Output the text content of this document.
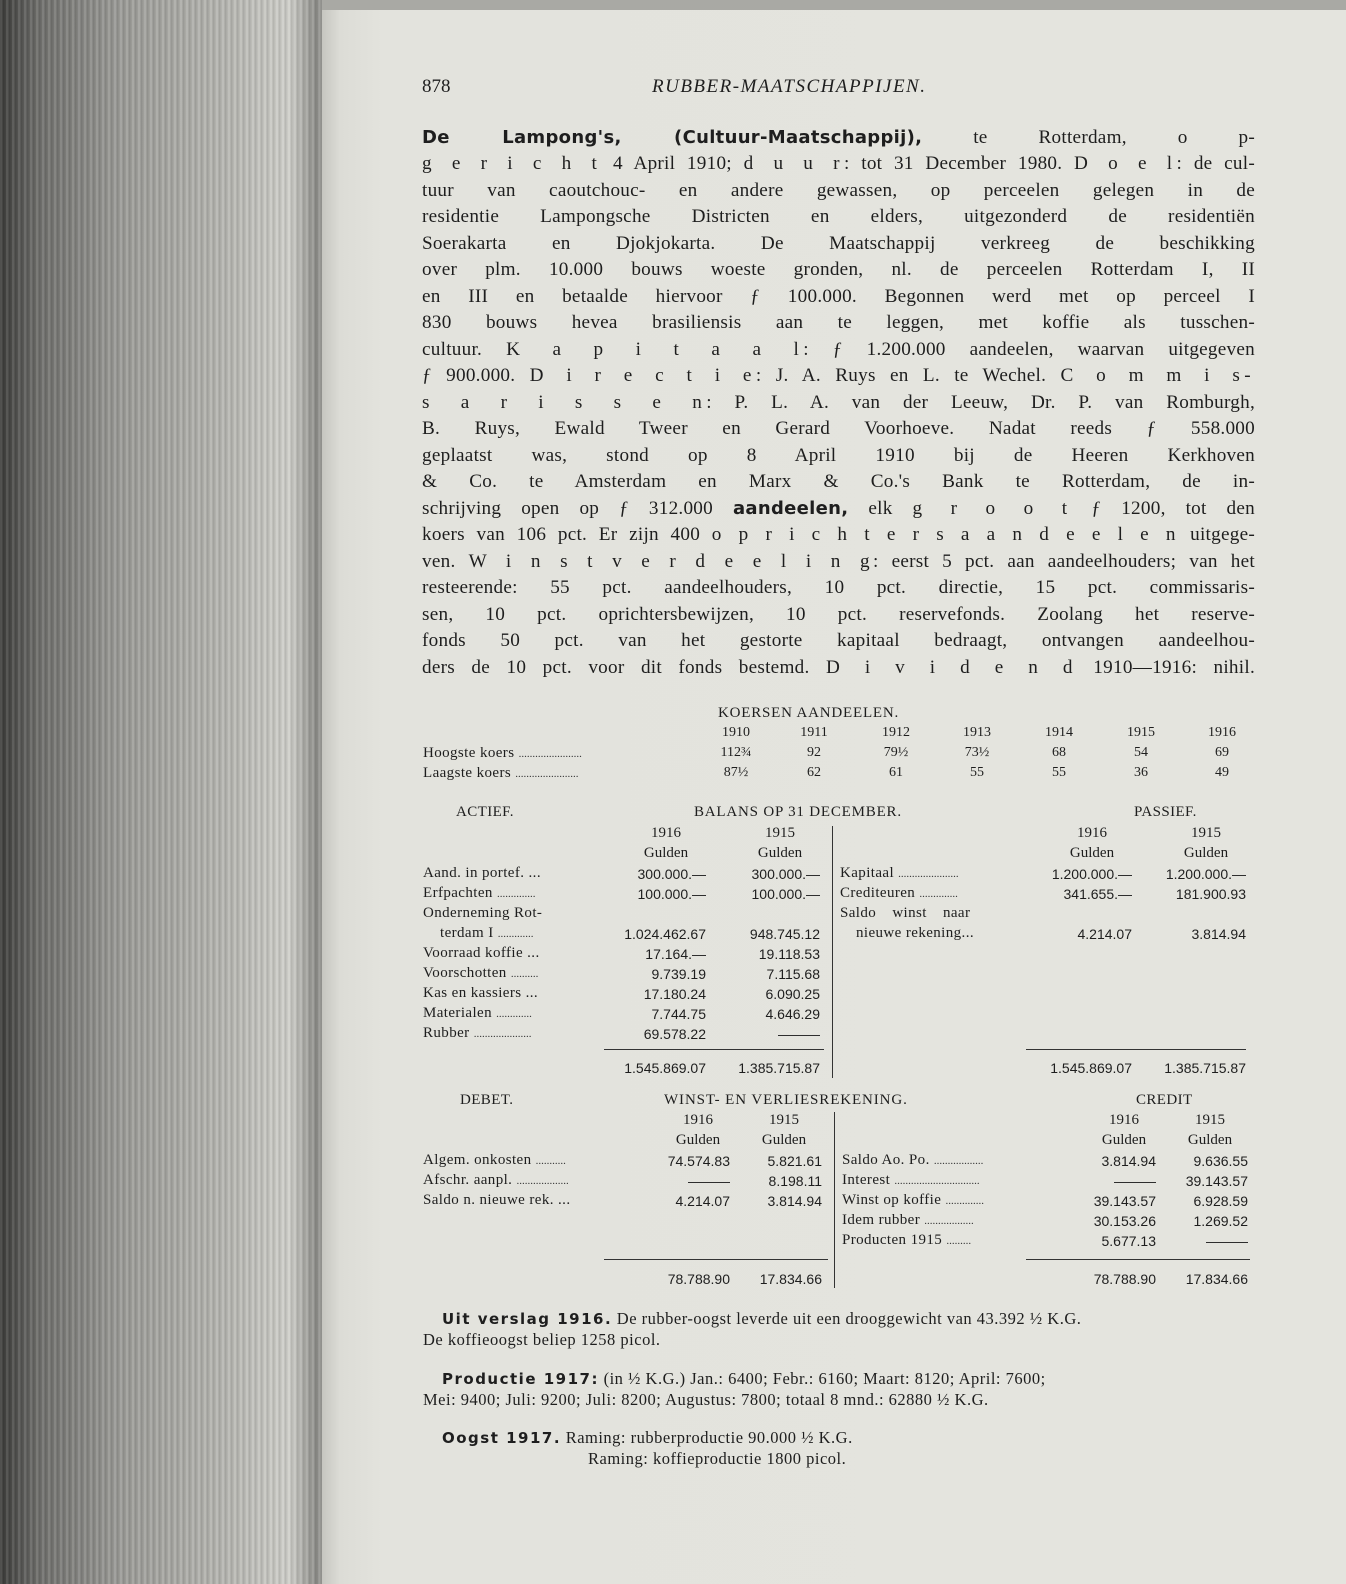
878	RUBBER-MAATSCHAPPIJEN.
De Lampong's, (Cultuur-Maatschappij), te Rotterdam, o p-
g e r i c h t 4 April 1910; d u u r: tot 31 December 1980. D o e l: de cul-
tuur van caoutchouc- en andere gewassen, op perceelen gelegen in de
residentie Lampongsche Districten en elders, uitgezonderd de residentiën
Soerakarta en Djokjokarta. De Maatschappij verkreeg de beschikking
over plm. 10.000 bouws woeste gronden, nl. de perceelen Rotterdam I, II
en III en betaalde hiervoor ƒ 100.000. Begonnen werd met op perceel I
830 bouws hevea brasiliensis aan te leggen, met koffie als tusschen-
cultuur. K a p i t a a l: ƒ 1.200.000 aandeelen, waarvan uitgegeven
ƒ 900.000. D i r e c t i e: J. A. Ruys en L. te Wechel. C o m m i s-
s a r i s s e n: P. L. A. van der Leeuw, Dr. P. van Romburgh,
B. Ruys, Ewald Tweer en Gerard Voorhoeve. Nadat reeds ƒ 558.000
geplaatst was, stond op 8 April 1910 bij de Heeren Kerkhoven
& Co. te Amsterdam en Marx & Co.'s Bank te Rotterdam, de in-
schrijving open op ƒ 312.000 aandeelen, elk g r o o t ƒ 1200, tot den
koers van 106 pct. Er zijn 400 o p r i c h t e r s a a n d e e l e n uitgege-
ven. W i n s t v e r d e e l i n g: eerst 5 pct. aan aandeelhouders; van het
resteerende: 55 pct. aandeelhouders, 10 pct. directie, 15 pct. commissaris-
sen, 10 pct. oprichtersbewijzen, 10 pct. reservefonds. Zoolang het reserve-
fonds 50 pct. van het gestorte kapitaal bedraagt, ontvangen aandeelhou-
ders de 10 pct. voor dit fonds bestemd. D i v i d e n d 1910—1916: nihil.
KOERSEN AANDEELEN.
1910	1911	1912	1913	1914	1915	1916
Hoogste koers .......................	112¾	92	79½	73½	68	54	69
Laagste koers .......................	87½	62	61	55	55	36	49
ACTIEF.	BALANS OP 31 DECEMBER.	PASSIEF.
1916	1915	1916	1915
Gulden	Gulden	Gulden	Gulden
Aand. in portef. ...	300.000.—	300.000.—
Erfpachten ..............	100.000.—	100.000.—
Onderneming Rot-
terdam I .............	1.024.462.67	948.745.12
Voorraad koffie ...	17.164.—	19.118.53
Voorschotten ..........	9.739.19	7.115.68
Kas en kassiers ...	17.180.24	6.090.25
Materialen .............	7.744.75	4.646.29
Rubber .....................	69.578.22	———
Kapitaal ......................	1.200.000.—	1.200.000.—
Crediteuren ..............	341.655.—	181.900.93
Saldo winst naar
nieuwe rekening...	4.214.07	3.814.94
1.545.869.07	1.385.715.87	1.545.869.07	1.385.715.87
DEBET.	WINST- EN VERLIESREKENING.	CREDIT
1916	1915	1916	1915
Gulden	Gulden	Gulden	Gulden
Algem. onkosten ...........	74.574.83	5.821.61
Afschr. aanpl. ...................	———	8.198.11
Saldo n. nieuwe rek. ...	4.214.07	3.814.94
Saldo Ao. Po. ..................	3.814.94	9.636.55
Interest ...............................	———	39.143.57
Winst op koffie ..............	39.143.57	6.928.59
Idem rubber ..................	30.153.26	1.269.52
Producten 1915 .........	5.677.13	———
78.788.90	17.834.66	78.788.90	17.834.66
Uit verslag 1916. De rubber-oogst leverde uit een drooggewicht van 43.392 ½ K.G.
De koffieoogst beliep 1258 picol.
Productie 1917: (in ½ K.G.) Jan.: 6400; Febr.: 6160; Maart: 8120; April: 7600;
Mei: 9400; Juli: 9200; Juli: 8200; Augustus: 7800; totaal 8 mnd.: 62880 ½ K.G.
Oogst 1917. Raming: rubberproductie 90.000 ½ K.G.
Raming: koffieproductie 1800 picol.
